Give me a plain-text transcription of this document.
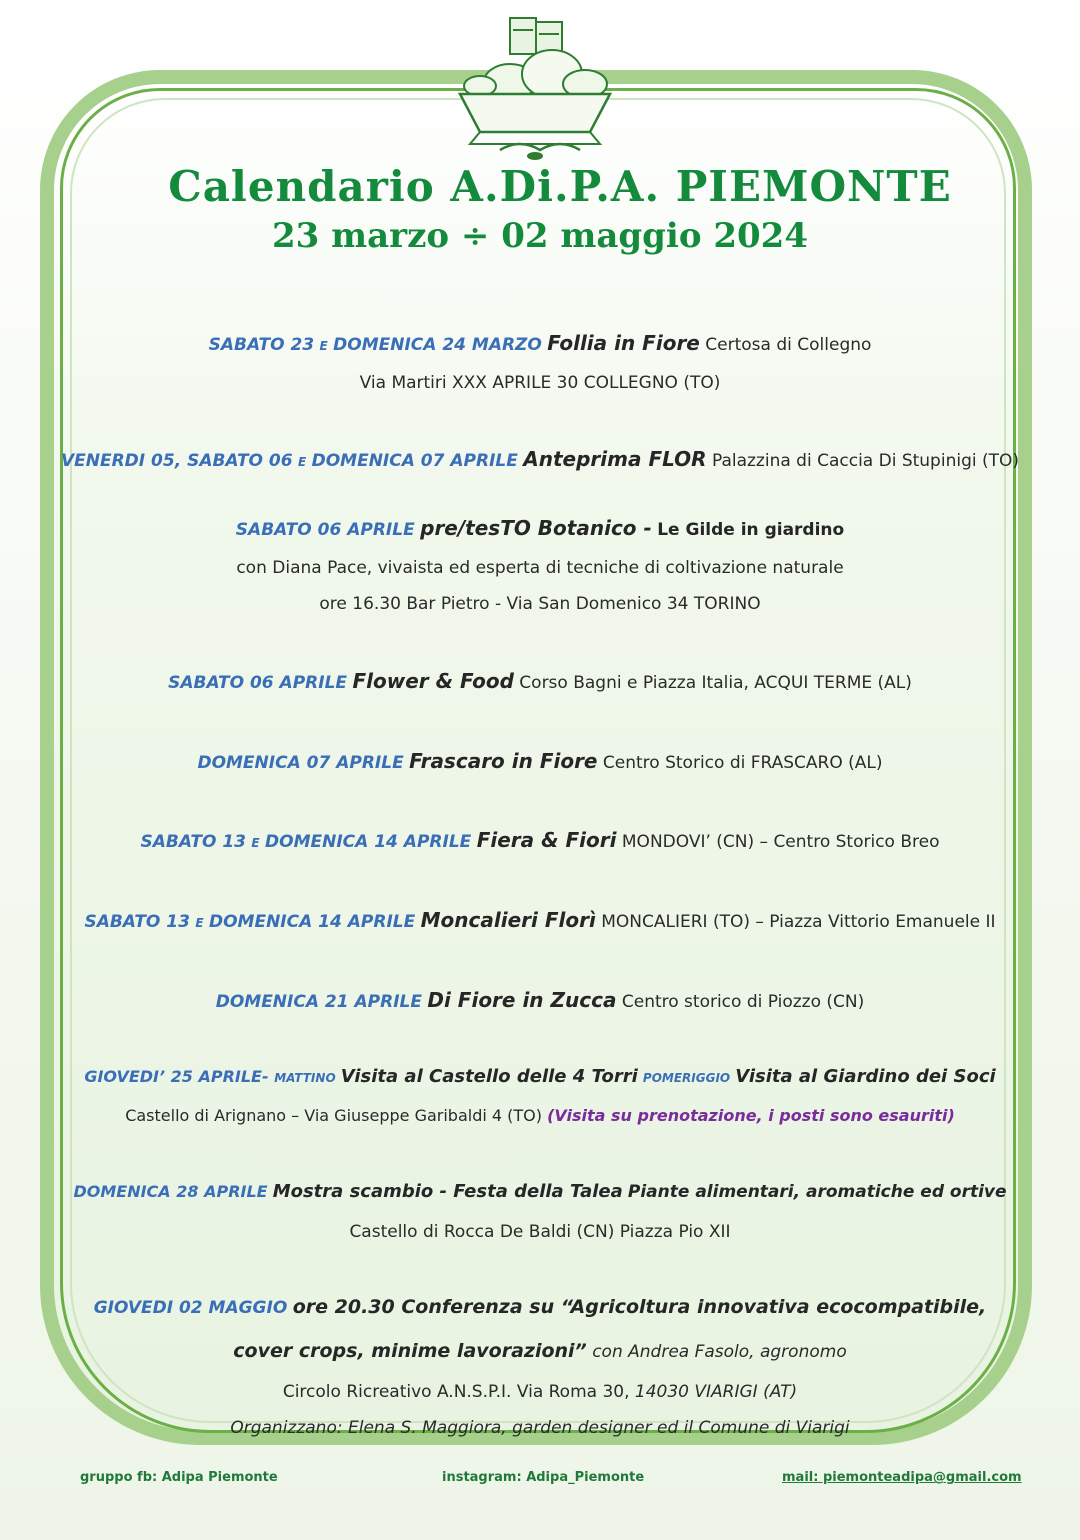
Calendario A.Di.P.A. PIEMONTE
23 marzo ÷ 02 maggio 2024
SABATO 23 E DOMENICA 24 MARZO Follia in Fiore Certosa di Collegno
Via Martiri XXX APRILE 30 COLLEGNO (TO)
VENERDI 05, SABATO 06 E DOMENICA 07 APRILE Anteprima FLOR Palazzina di Caccia Di Stupinigi (TO)
SABATO 06 APRILE pre/tesTO Botanico - Le Gilde in giardino
con Diana Pace, vivaista ed esperta di tecniche di coltivazione naturale
ore 16.30 Bar Pietro - Via San Domenico 34 TORINO
SABATO 06 APRILE Flower & Food Corso Bagni e Piazza Italia, ACQUI TERME (AL)
DOMENICA 07 APRILE Frascaro in Fiore Centro Storico di FRASCARO (AL)
SABATO 13 E DOMENICA 14 APRILE Fiera & Fiori MONDOVI’ (CN) – Centro Storico Breo
SABATO 13 E DOMENICA 14 APRILE Moncalieri Florì MONCALIERI (TO) – Piazza Vittorio Emanuele II
DOMENICA 21 APRILE Di Fiore in Zucca Centro storico di Piozzo (CN)
GIOVEDI’ 25 APRILE- MATTINO Visita al Castello delle 4 Torri POMERIGGIO Visita al Giardino dei Soci
Castello di Arignano – Via Giuseppe Garibaldi 4 (TO) (Visita su prenotazione, i posti sono esauriti)
DOMENICA 28 APRILE Mostra scambio - Festa della Talea Piante alimentari, aromatiche ed ortive
Castello di Rocca De Baldi (CN) Piazza Pio XII
GIOVEDI 02 MAGGIO ore 20.30 Conferenza su “Agricoltura innovativa ecocompatibile,
cover crops, minime lavorazioni” con Andrea Fasolo, agronomo
Circolo Ricreativo A.N.S.P.I. Via Roma 30, 14030 VIARIGI (AT)
Organizzano: Elena S. Maggiora, garden designer ed il Comune di Viarigi
gruppo fb: Adipa Piemonte	instagram: Adipa_Piemonte	mail: piemonteadipa@gmail.com
